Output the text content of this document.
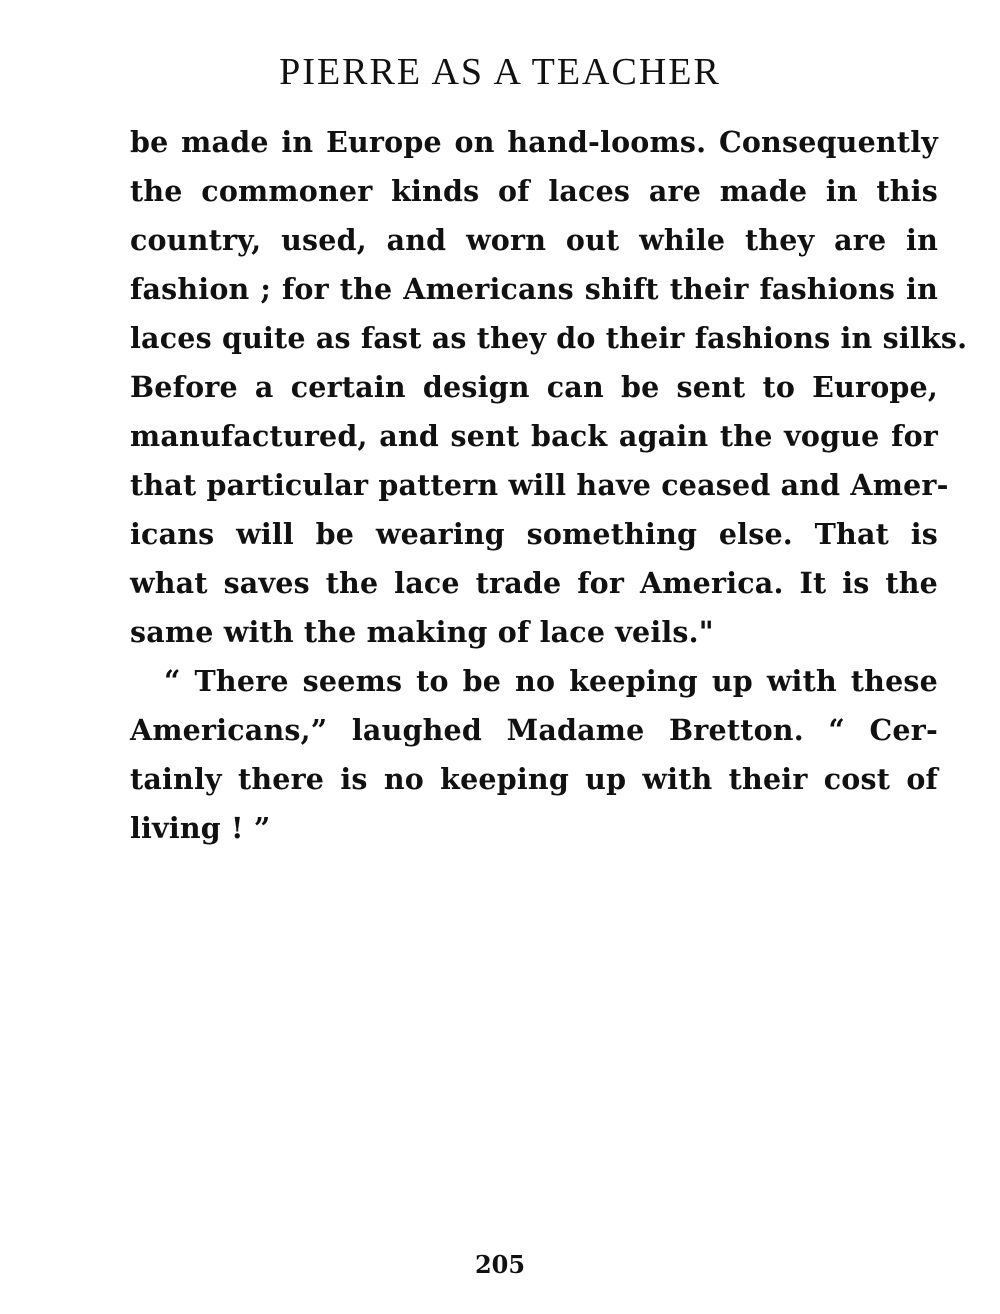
PIERRE AS A TEACHER
be made in Europe on hand-looms. Consequently
the commoner kinds of laces are made in this
country, used, and worn out while they are in
fashion ; for the Americans shift their fashions in
laces quite as fast as they do their fashions in silks.
Before a certain design can be sent to Europe,
manufactured, and sent back again the vogue for
that particular pattern will have ceased and Amer-
icans will be wearing something else. That is
what saves the lace trade for America. It is the
same with the making of lace veils."
“ There seems to be no keeping up with these
Americans,” laughed Madame Bretton. “ Cer-
tainly there is no keeping up with their cost of
living ! ”
205
